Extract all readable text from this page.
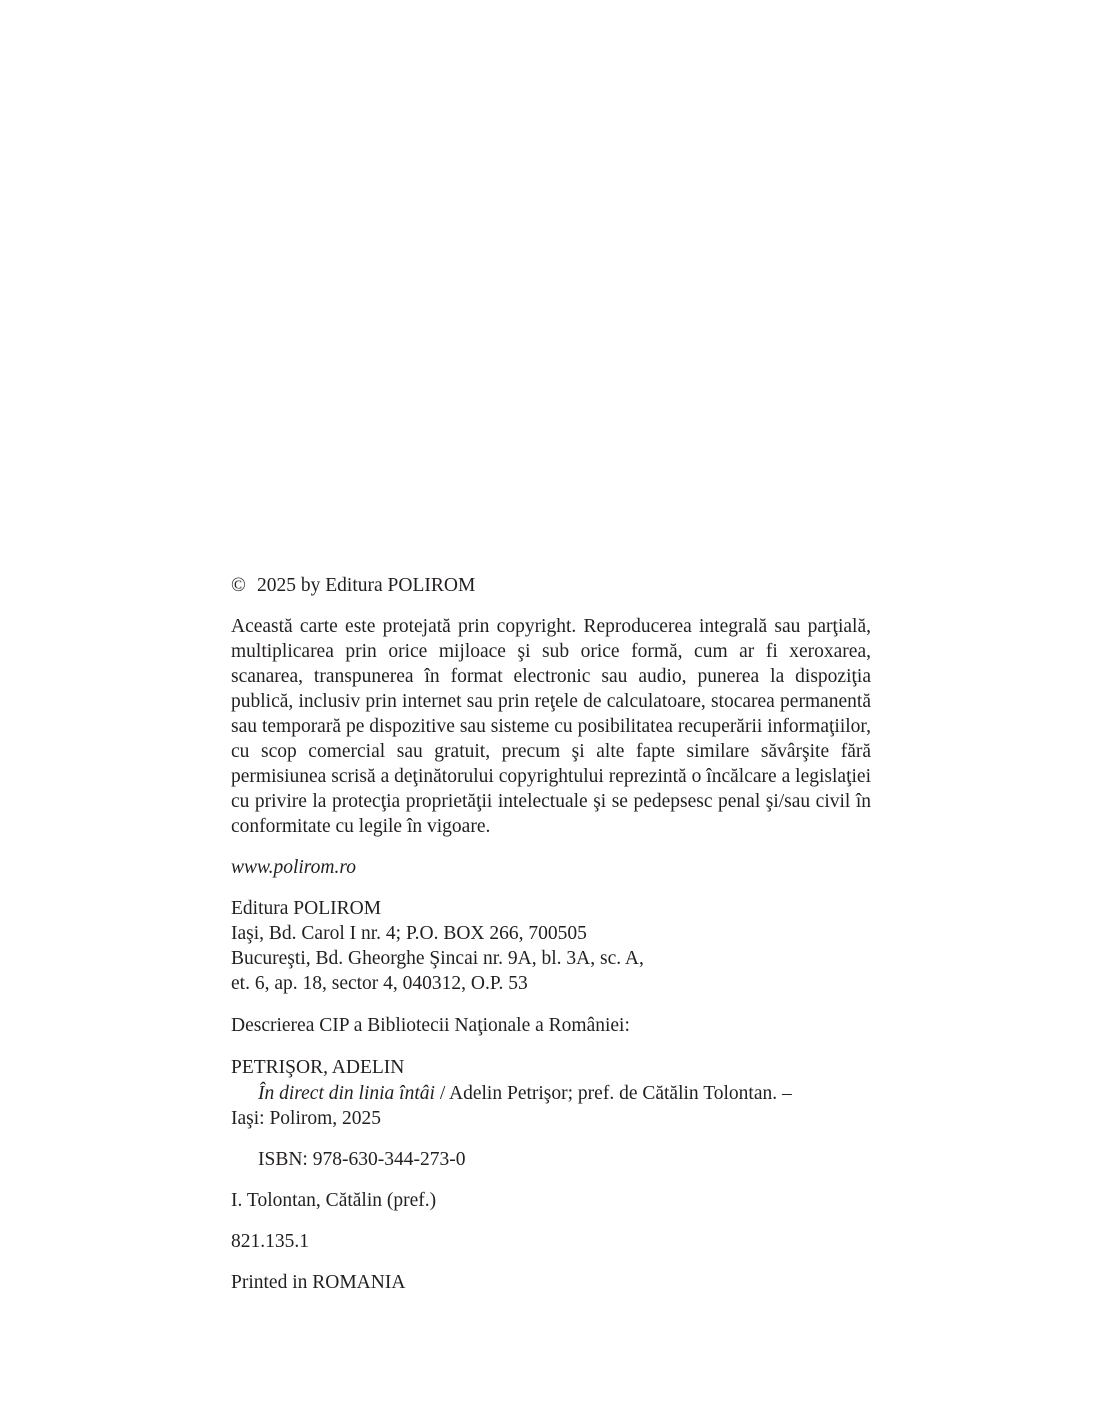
© 2025 by Editura POLIROM

Această carte este protejată prin copyright. Reproducerea integrală sau parţială, multiplicarea prin orice mijloace şi sub orice formă, cum ar fi xeroxarea, scanarea, transpunerea în format electronic sau audio, punerea la dispoziţia publică, inclusiv prin internet sau prin reţele de calculatoare, stocarea permanentă sau temporară pe dispozitive sau sisteme cu posibilitatea recuperării informaţiilor, cu scop comercial sau gratuit, precum şi alte fapte similare săvârşite fără permisiunea scrisă a deţinătorului copyrightului reprezintă o încălcare a legislaţiei cu privire la protecţia proprietăţii intelectuale şi se pedepsesc penal şi/sau civil în conformitate cu legile în vigoare.

www.polirom.ro

Editura POLIROM
Iaşi, Bd. Carol I nr. 4; P.O. BOX 266, 700505
Bucureşti, Bd. Gheorghe Şincai nr. 9A, bl. 3A, sc. A,
et. 6, ap. 18, sector 4, 040312, O.P. 53

Descrierea CIP a Bibliotecii Naţionale a României:

PETRIŞOR, ADELIN

În direct din linia întâi / Adelin Petrişor; pref. de Cătălin Tolontan. –
Iaşi: Polirom, 2025

ISBN: 978-630-344-273-0

I. Tolontan, Cătălin (pref.)

821.135.1

Printed in ROMANIA
